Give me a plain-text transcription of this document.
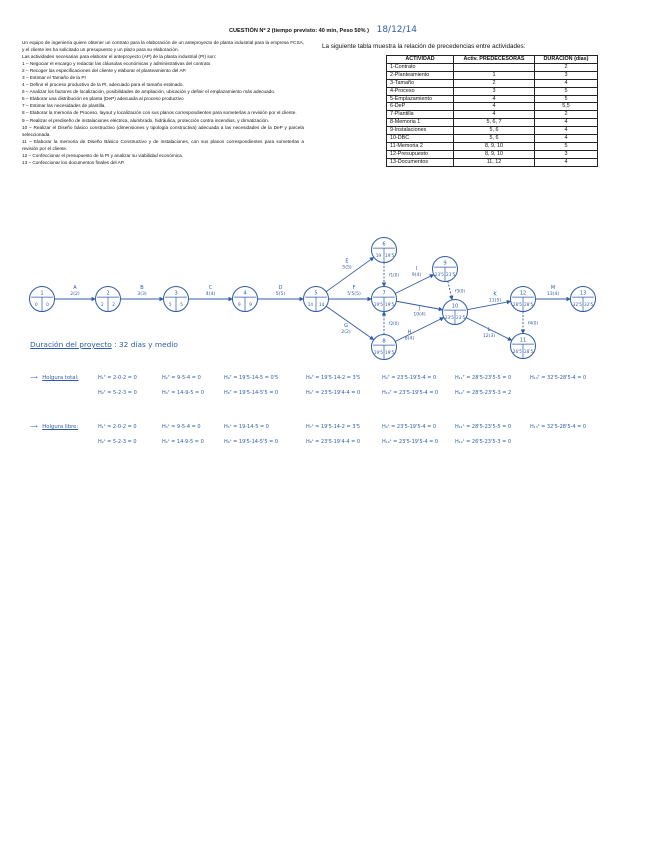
CUESTIÓN Nº 2 (tiempo previsto: 40 min, Peso 50% ) 18/12/14

Un equipo de ingeniería quiere obtener un contrato para la elaboración de un anteproyecto de planta industrial para la empresa FCSA, y el cliente les ha solicitado un presupuesto y un plazo para su elaboración.

Las actividades necesarias para elaborar el anteproyecto (AP) de la planta industrial (PI) son:

1 – Negociar el encargo y redactar las cláusulas económicas y administrativas del contrato

2 – Recoger las especificaciones del cliente y elaborar el planteamiento del AP.

3 – Estimar el Tamaño de la PI

4 – Definir el proceso productivo de la PI, adecuado para el tamaño estimado.

5 – Analizar los factores de localización, posibilidades de ampliación, ubicación y definir el emplazamiento más adecuado.

6 – Elaborar una distribución en planta (DeP) adecuada al proceso productivo

7 – Estimar las necesidades de plantilla.

8 – Elaborar la memoria de Proceso, layout y localización con sus planos correspondientes para someterlas a revisión por el cliente.

9 – Realizar el prediseño de instalaciones eléctrica, alumbrado, hidráulica, protección contra incendios, y climatización.

10 – Realizar el Diseño básico constructivo (dimensiones y tipología constructiva) adecuada a las necesidades de la DeP y parcela seleccionada.

11 – Elaborar la memoria de Diseño Básico Constructivo y de instalaciones, con sus planos correspondientes para someterlas a revisión por el cliente.

12 – Confeccionar el presupuesto de la PI y analizar su viabilidad económica.

13 – Confeccionar los documentos finales del AP.

La siguiente tabla muestra la relación de precedencias entre actividades:
ACTIVIDAD	Activ. PREDECESORAS	DURACIÓN (días)
1-Contrato		2
2-Planteamiento	1	3
3-Tamaño	2	4
4-Proceso	3	5
5-Emplazamiento	4	5
6-DeP	4	5,5
7-Plantilla	4	2
8-Memoria 1	5, 6, 7	4
9-Instalaciones	5, 6	4
10-DBC	5, 6	4
11-Memoria 2	8, 9, 10	5
12-Presupuesto	8, 9, 10	3
13-Documentos	11, 12	4
1
0 0
2
2 2
3
5 5
4
9 9
5
14 14
6
19 19'5
7
19'5 19'5
8
19'5 19'5
9
23'5 23'5
10
23'5 23'5
11
26'5 28'5
12
28'5 28'5
13
32'5 32'5
A
2(2)
B
3(3)
C
4(4)
D
5(5)
E
5(5)
F
5'5(5)
G
2(2)	H
8(4)
I
9(4)
J
10(4)
K
11(5)
L
12(3)
M
13(4)
f1(0)
f2(0)
f3(0)
f4(0)
Duración del proyecto : 32 días y medio
⟶ Holgura total:	H₁ᵀ = 2-0-2 = 0	H₂ᵀ = 9-5-4 = 0	H₆ᵀ = 19'5-14-5 = 0'5	H₈ᵀ = 19'5-14-2 = 3'5	H₉ᵀ = 23'5-19'5-4 = 0	H₁₁ᵀ = 28'5-23'5-5 = 0	H₁₃ᵀ = 32'5-28'5-4 = 0
H₂ᵀ = 5-2-3 = 0	H₄ᵀ = 14-9-5 = 0	H₆ᵀ = 19'5-14-5'5 = 0	H₉ᵀ = 23'5-19'4-4 = 0	H₁₀ᵀ = 23'5-19'5-4 = 0	H₁₂ᵀ = 28'5-23'5-3 = 2
⟶ Holgura libre:	H₁ᴸ = 2-0-2 = 0	H₃ᴸ = 9-5-4 = 0	H₅ᴸ = 19-14-5 = 0	H₇ᴸ = 19'5-14-2 = 3'5	H₉ᴸ = 23'5-19'5-4 = 0	H₁₁ᴸ = 28'5-23'5-5 = 0	H₁₃ᴸ = 32'5-28'5-4 = 0
H₂ᴸ = 5-2-3 = 0	H₄ᴸ = 14-9-5 = 0	H₆ᴸ = 19'5-14-5'5 = 0	H₈ᴸ = 23'5-19'4-4 = 0	H₁₀ᴸ = 23'5-19'5-4 = 0	H₁₂ᴸ = 26'5-23'5-3 = 0
